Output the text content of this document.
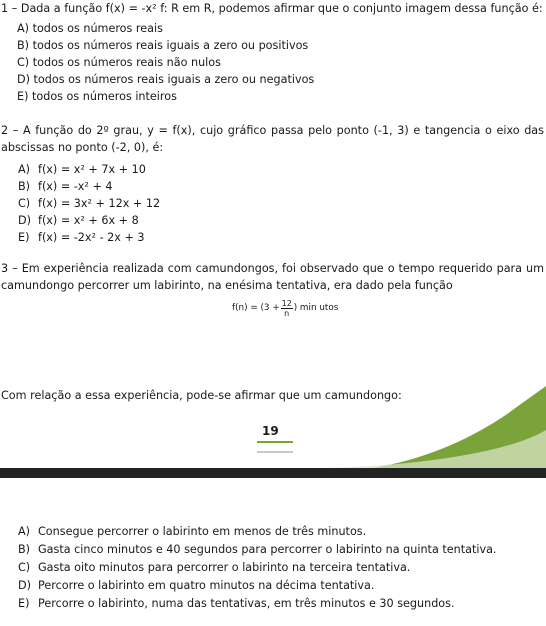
1 – Dada a função f(x) = -x² f: R em R, podemos afirmar que o conjunto imagem dessa função é:
A) todos os números reais
B) todos os números reais iguais a zero ou positivos
C) todos os números reais não nulos
D) todos os números reais iguais a zero ou negativos
E) todos os números inteiros
2 – A função do 2º grau, y = f(x), cujo gráfico passa pelo ponto (-1, 3) e tangencia o eixo das
abscissas no ponto (-2, 0), é:
A) f(x) = x² + 7x + 10
B) f(x) = -x² + 4
C) f(x) = 3x² + 12x + 12
D) f(x) = x² + 6x + 8
E) f(x) = -2x² - 2x + 3
3 – Em experiência realizada com camundongos, foi observado que o tempo requerido para um
camundongo percorrer um labirinto, na enésima tentativa, era dado pela função
$f(n) = (3 + \frac{12}{n}$ ) min utos
Com relação a essa experiência, pode-se afirmar que um camundongo:
19
A) Consegue percorrer o labirinto em menos de três minutos.
B) Gasta cinco minutos e 40 segundos para percorrer o labirinto na quinta tentativa.
C) Gasta oito minutos para percorrer o labirinto na terceira tentativa.
D) Percorre o labirinto em quatro minutos na décima tentativa.
E) Percorre o labirinto, numa das tentativas, em três minutos e 30 segundos.
